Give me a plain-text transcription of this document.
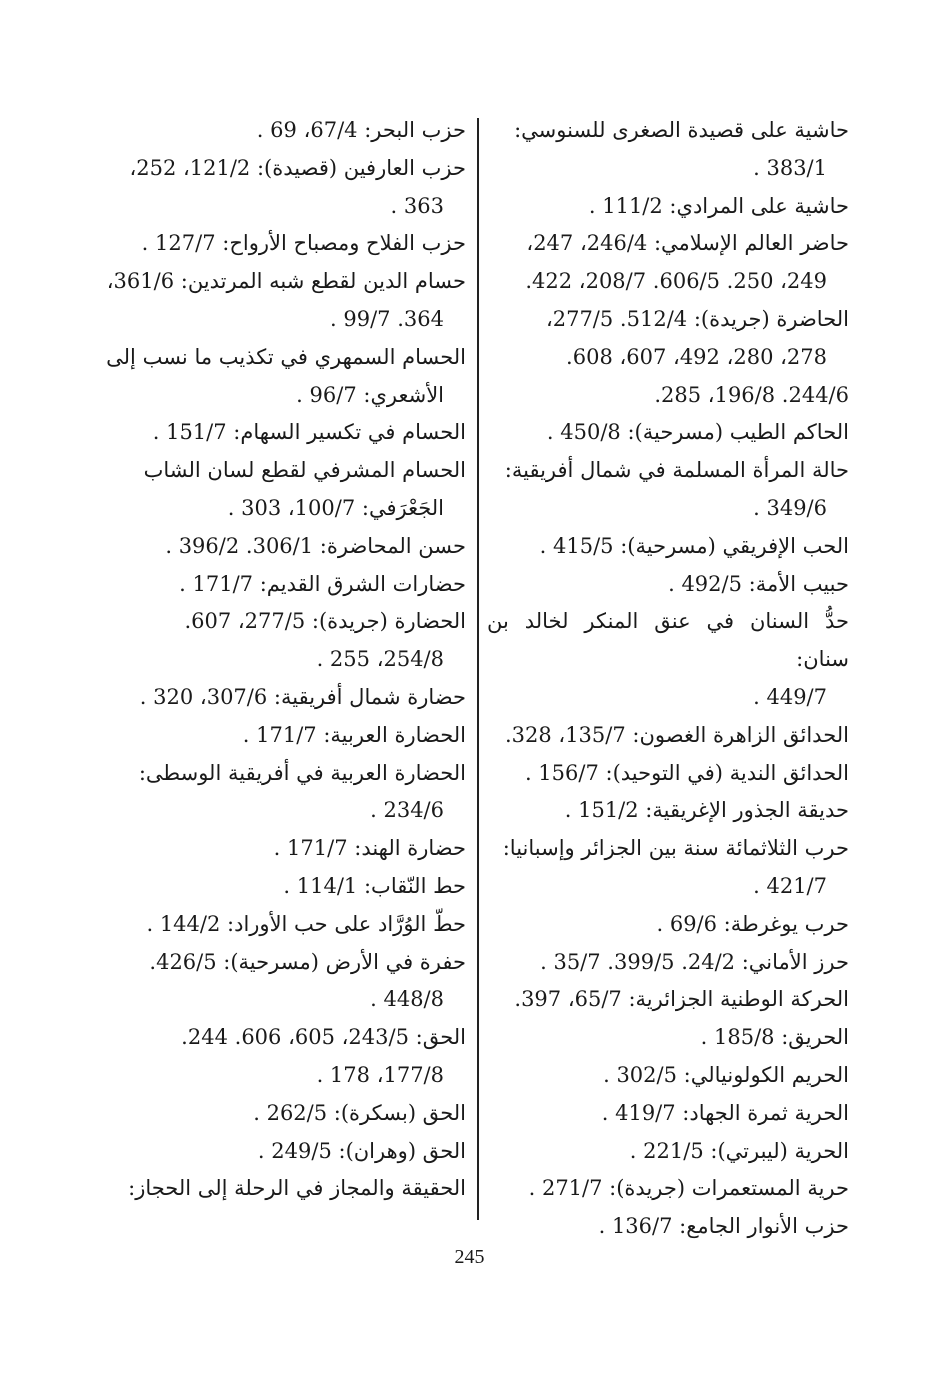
حاشية على قصيدة الصغرى للسنوسي:
383/1 .
حاشية على المرادي: 111/2 .
حاضر العالم الإسلامي: 246/4، 247،
249، 250. 606/5. 208/7، 422.
الحاضرة (جريدة): 512/4. 277/5،
278، 280، 492، 607، 608.
244/6. 196/8، 285.
الحاكم الطيب (مسرحية): 450/8 .
حالة المرأة المسلمة في شمال أفريقية:
349/6 .
الحب الإفريقي (مسرحية): 415/5 .
حبيب الأمة: 492/5 .
حدُّ السنان في عنق المنكر لخالد بن سنان:
449/7 .
الحدائق الزاهرة الغصون: 135/7، 328.
الحدائق الندية (في التوحيد): 156/7 .
حديقة الجذور الإغريقية: 151/2 .
حرب الثلاثمائة سنة بين الجزائر وإسبانيا:
421/7 .
حرب يوغرطة: 69/6 .
حرز الأماني: 24/2. 399/5. 35/7 .
الحركة الوطنية الجزائرية: 65/7، 397.
الحريق: 185/8 .
الحريم الكولونيالي: 302/5 .
الحرية ثمرة الجهاد: 419/7 .
الحرية (ليبرتي): 221/5 .
حرية المستعمرات (جريدة): 271/7 .
حزب الأنوار الجامع: 136/7 .
حزب البحر: 67/4، 69 .
حزب العارفين (قصيدة): 121/2، 252،
363 .
حزب الفلاح ومصباح الأرواح: 127/7 .
حسام الدين لقطع شبه المرتدين: 361/6،
364. 99/7 .
الحسام السمهري في تكذيب ما نسب إلى
الأشعري: 96/7 .
الحسام في تكسير السهام: 151/7 .
الحسام المشرفي لقطع لسان الشاب
الجَعْرَفي: 100/7، 303 .
حسن المحاضرة: 306/1. 396/2 .
حضارات الشرق القديم: 171/7 .
الحضارة (جريدة): 277/5، 607.
254/8، 255 .
حضارة شمال أفريقية: 307/6، 320 .
الحضارة العربية: 171/7 .
الحضارة العربية في أفريقية الوسطى:
234/6 .
حضارة الهند: 171/7 .
حط النّقاب: 114/1 .
حطّ الوُرَّاد على حب الأوراد: 144/2 .
حفرة في الأرض (مسرحية): 426/5.
448/8 .
الحق: 243/5، 605، 606. 244.
177/8، 178 .
الحق (بسكرة): 262/5 .
الحق (وهران): 249/5 .
الحقيقة والمجاز في الرحلة إلى الحجاز:
245
